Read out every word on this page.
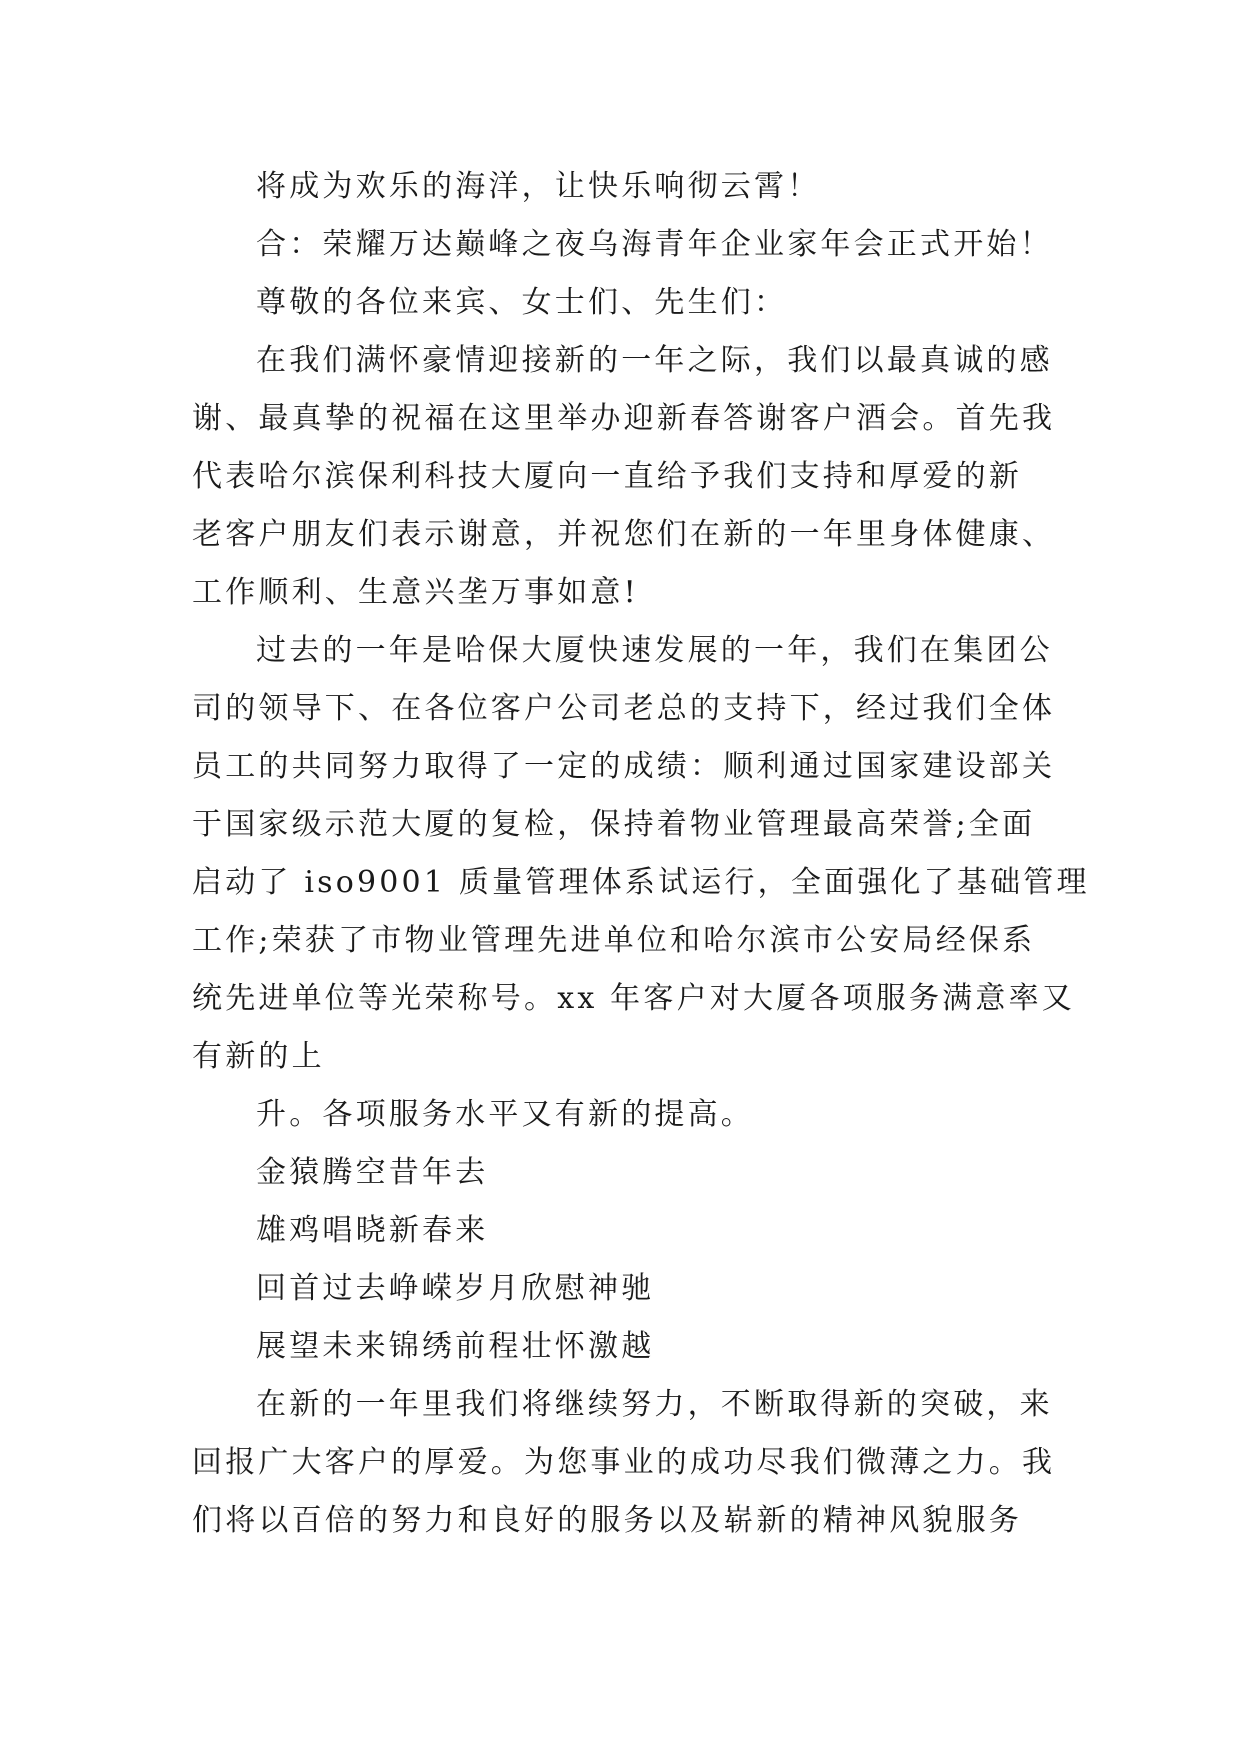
将成为欢乐的海洋，让快乐响彻云霄！
合：荣耀万达巅峰之夜乌海青年企业家年会正式开始！
尊敬的各位来宾、女士们、先生们：
在我们满怀豪情迎接新的一年之际，我们以最真诚的感
谢、最真挚的祝福在这里举办迎新春答谢客户酒会。首先我
代表哈尔滨保利科技大厦向一直给予我们支持和厚爱的新
老客户朋友们表示谢意，并祝您们在新的一年里身体健康、
工作顺利、生意兴垄万事如意!
过去的一年是哈保大厦快速发展的一年，我们在集团公
司的领导下、在各位客户公司老总的支持下，经过我们全体
员工的共同努力取得了一定的成绩：顺利通过国家建设部关
于国家级示范大厦的复检，保持着物业管理最高荣誉;全面
启动了 iso9001 质量管理体系试运行，全面强化了基础管理
工作;荣获了市物业管理先进单位和哈尔滨市公安局经保系
统先进单位等光荣称号。xx 年客户对大厦各项服务满意率又
有新的上
升。各项服务水平又有新的提高。
金猿腾空昔年去
雄鸡唱晓新春来
回首过去峥嵘岁月欣慰神驰
展望未来锦绣前程壮怀激越
在新的一年里我们将继续努力，不断取得新的突破，来
回报广大客户的厚爱。为您事业的成功尽我们微薄之力。我
们将以百倍的努力和良好的服务以及崭新的精神风貌服务
